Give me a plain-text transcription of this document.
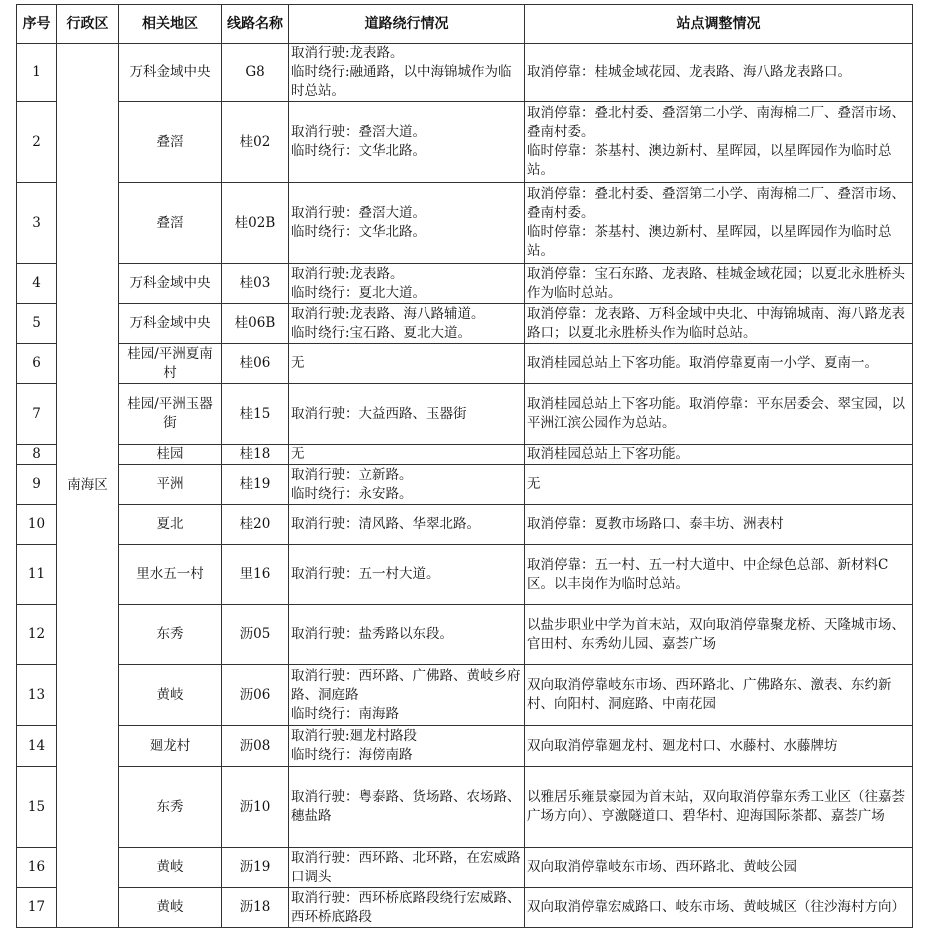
序号	行政区	相关地区	线路名称	道路绕行情况	站点调整情况
1	南海区	万科金域中央	G8	取消行驶:龙表路。
临时绕行:融通路，以中海锦城作为临时总站。	取消停靠：桂城金域花园、龙表路、海八路龙表路口。

2		叠滘	桂02	取消行驶：叠滘大道。
临时绕行：文华北路。	取消停靠：叠北村委、叠滘第二小学、南海棉二厂、叠滘市场、叠南村委。
临时停靠：茶基村、澳边新村、星晖园，以星晖园作为临时总站。

3		叠滘	桂02B	取消行驶：叠滘大道。
临时绕行：文华北路。	取消停靠：叠北村委、叠滘第二小学、南海棉二厂、叠滘市场、叠南村委。
临时停靠：茶基村、澳边新村、星晖园，以星晖园作为临时总站。

4		万科金域中央	桂03	取消行驶:龙表路。
临时绕行：夏北大道。	取消停靠：宝石东路、龙表路、桂城金域花园；以夏北永胜桥头作为临时总站。

5		万科金域中央	桂06B	取消行驶:龙表路、海八路辅道。
临时绕行:宝石路、夏北大道。	取消停靠：龙表路、万科金域中央北、中海锦城南、海八路龙表路口；以夏北永胜桥头作为临时总站。

6		桂园/平洲夏南村	桂06	无	取消桂园总站上下客功能。取消停靠夏南一小学、夏南一。

7		桂园/平洲玉器街	桂15	取消行驶：大益西路、玉器街	取消桂园总站上下客功能。取消停靠：平东居委会、翠宝园，以平洲江滨公园作为总站。

8		桂园	桂18	无	取消桂园总站上下客功能。

9		平洲	桂19	取消行驶：立新路。
临时绕行：永安路。	无

10		夏北	桂20	取消行驶：清风路、华翠北路。	取消停靠：夏教市场路口、泰丰坊、洲表村

11		里水五一村	里16	取消行驶：五一村大道。	取消停靠：五一村、五一村大道中、中企绿色总部、新材料C区。以丰岗作为临时总站。

12		东秀	沥05	取消行驶：盐秀路以东段。	以盐步职业中学为首末站，双向取消停靠聚龙桥、天隆城市场、官田村、东秀幼儿园、嘉荟广场

13		黄岐	沥06	取消行驶：西环路、广佛路、黄岐乡府路、洞庭路
临时绕行：南海路	双向取消停靠岐东市场、西环路北、广佛路东、激表、东约新村、向阳村、洞庭路、中南花园

14		廻龙村	沥08	取消行驶:廻龙村路段
临时绕行：海傍南路	双向取消停靠廻龙村、廻龙村口、水藤村、水藤牌坊

15		东秀	沥10	取消行驶：粤泰路、货场路、农场路、穗盐路	以雅居乐雍景豪园为首末站，双向取消停靠东秀工业区（往嘉荟广场方向）、亨激隧道口、碧华村、迎海国际茶都、嘉荟广场

16		黄岐	沥19	取消行驶：西环路、北环路，在宏威路口调头	双向取消停靠岐东市场、西环路北、黄岐公园

17		黄岐	沥18	取消行驶：西环桥底路段绕行宏威路、西环桥底路段	双向取消停靠宏威路口、岐东市场、黄岐城区（往沙海村方向）
